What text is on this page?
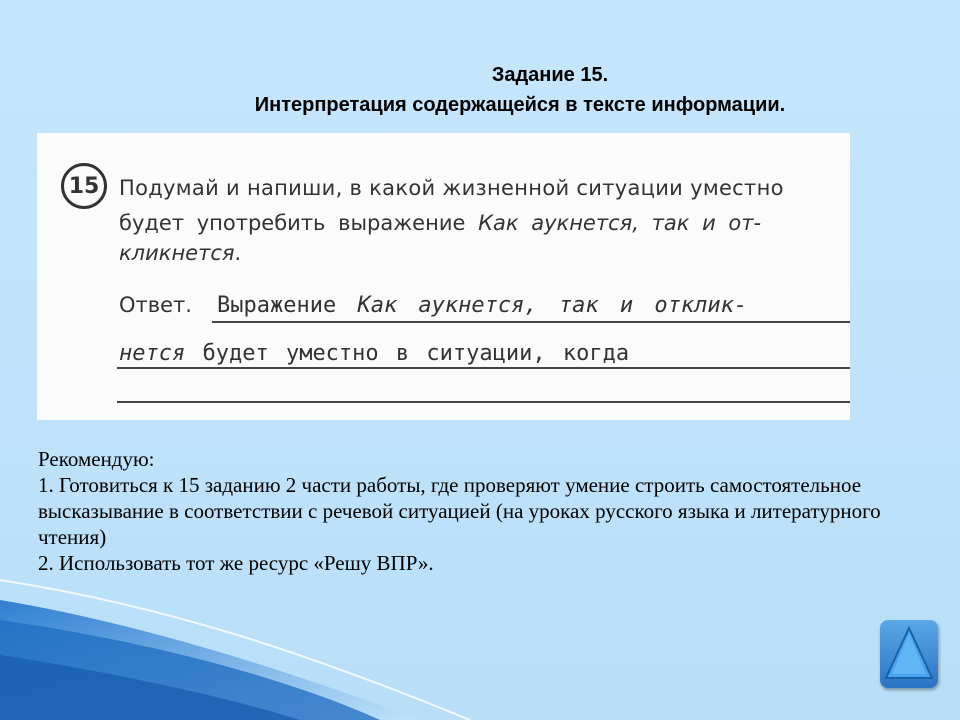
Задание 15.
Интерпретация содержащейся в тексте информации.
15 Подумай и напиши, в какой жизненной ситуации уместно
будет употребить выражение Как аукнется, так и от-
кликнется.
Ответ. Выражение Как аукнется, так и отклик-
нется будет уместно в ситуации, когда

Рекомендую:

1. Готовиться к 15 заданию 2 части работы, где проверяют умение строить самостоятельное высказывание в соответствии с речевой ситуацией (на уроках русского языка и литературного чтения)

2. Использовать тот же ресурс «Решу ВПР».
